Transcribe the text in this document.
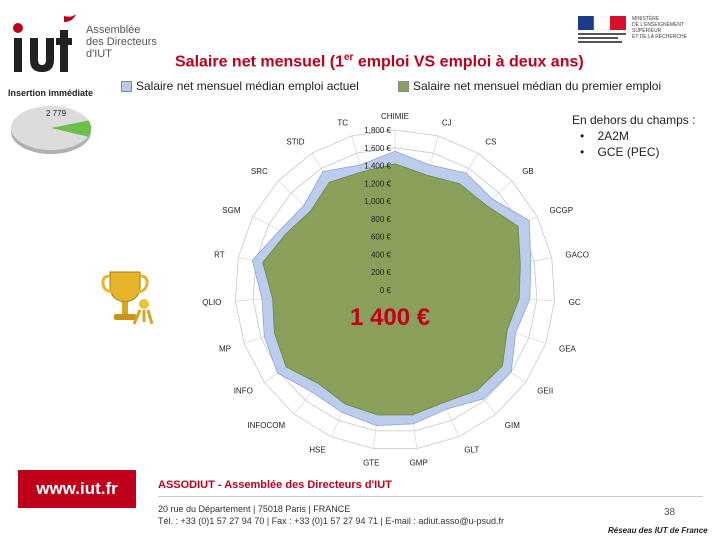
Assemblée
des Directeurs
d'IUT
MINISTÈRE
DE L'ENSEIGNEMENT SUPÉRIEUR
ET DE LA RECHERCHE
Salaire net mensuel (1er emploi VS emploi à deux ans)
Salaire net mensuel médian emploi actuel	Salaire net mensuel médian du premier emploi
Insertion immédiate
2 779	En dehors du champs :
•    2A2M
•    GCE (PEC)
0 €
200 €
400 €
600 €
800 €
1,000 €
1,200 €
1,400 €
1,600 €
1,800 €
CHIMIE
CJ
CS
GB
GCGP
GACO
GC
GEA
GEII
GIM
GLT
GMP
GTE
HSE
INFOCOM
INFO
MP
QLIO
RT
SGM
SRC
STID
TC
1 400 €
www.iut.fr	ASSODIUT - Assemblée des Directeurs d'IUT
20 rue du Département | 75018 Paris | FRANCE
Tél. : +33 (0)1 57 27 94 70 | Fax : +33 (0)1 57 27 94 71 | E-mail : adiut.asso@u-psud.fr
38
Réseau des IUT de France
